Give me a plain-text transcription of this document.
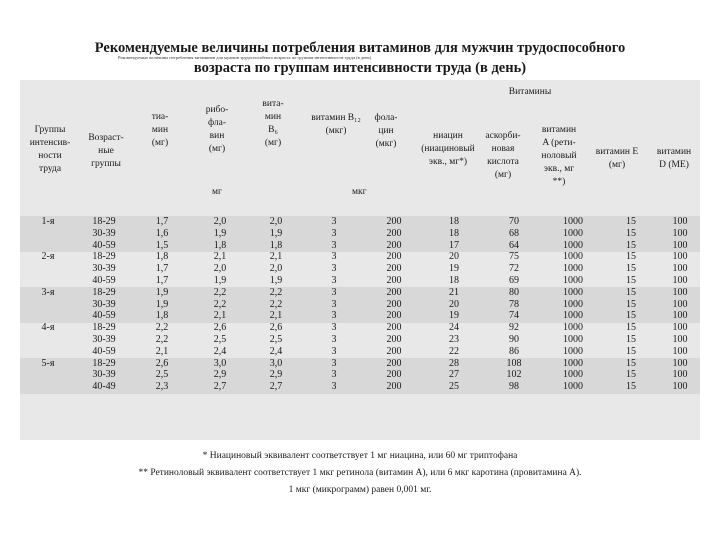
Рекомендуемые величины потребления витаминов для мужчин трудоспособного
Рекомендуемые величины потребления витаминов для мужчин трудоспособного возраста по группам интенсивности труда (в день)
возраста по группам интенсивности труда (в день)
Витамины
Группы
интенсив-
ности
труда
Возраст-
ные
группы
тиа-
мин
(мг)
рибо-
фла-
вин
(мг)
вита-
мин
B₆
(мг)
витамин B₁₂
(мкг)
фола-
цин
(мкг)
ниацин
(ниациновый
экв., мг*)
аскорби-
новая
кислота
(мг)
витамин
A (рети-
ноловый
экв., мг
**)
витамин E
(мг)
витамин
D (МЕ)
мг	мкг
1-я	18-29	1,7	2,0	2,0	3	200	18	70	1000	15	100
	30-39	1,6	1,9	1,9	3	200	18	68	1000	15	100
	40-59	1,5	1,8	1,8	3	200	17	64	1000	15	100
2-я	18-29	1,8	2,1	2,1	3	200	20	75	1000	15	100
	30-39	1,7	2,0	2,0	3	200	19	72	1000	15	100
	40-59	1,7	1,9	1,9	3	200	18	69	1000	15	100
3-я	18-29	1,9	2,2	2,2	3	200	21	80	1000	15	100
	30-39	1,9	2,2	2,2	3	200	20	78	1000	15	100
	40-59	1,8	2,1	2,1	3	200	19	74	1000	15	100
4-я	18-29	2,2	2,6	2,6	3	200	24	92	1000	15	100
	30-39	2,2	2,5	2,5	3	200	23	90	1000	15	100
	40-59	2,1	2,4	2,4	3	200	22	86	1000	15	100
5-я	18-29	2,6	3,0	3,0	3	200	28	108	1000	15	100
	30-39	2,5	2,9	2,9	3	200	27	102	1000	15	100
	40-49	2,3	2,7	2,7	3	200	25	98	1000	15	100
* Ниациновый эквивалент соответствует 1 мг ниацина, или 60 мг триптофана
** Ретиноловый эквивалент соответствует 1 мкг ретинола (витамин A), или 6 мкг каротина (провитамина A).
1 мкг (микрограмм) равен 0,001 мг.
